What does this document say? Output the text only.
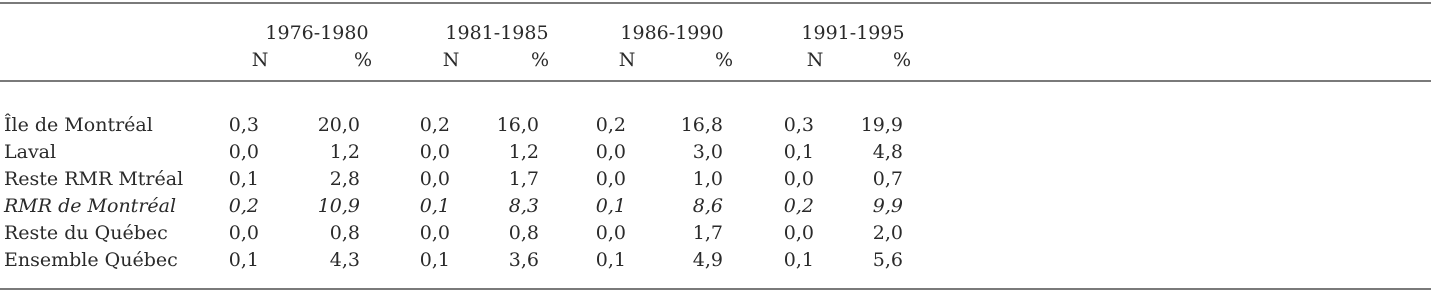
1976-1980	1981-1985	1986-1990	1991-1995
N	%	N	%	N	%	N	%
Île de Montréal	0,3	20,0	0,2	16,0	0,2	16,8	0,3	19,9
Laval	0,0	1,2	0,0	1,2	0,0	3,0	0,1	4,8
Reste RMR Mtréal	0,1	2,8	0,0	1,7	0,0	1,0	0,0	0,7
RMR de Montréal	0,2	10,9	0,1	8,3	0,1	8,6	0,2	9,9
Reste du Québec	0,0	0,8	0,0	0,8	0,0	1,7	0,0	2,0
Ensemble Québec	0,1	4,3	0,1	3,6	0,1	4,9	0,1	5,6
